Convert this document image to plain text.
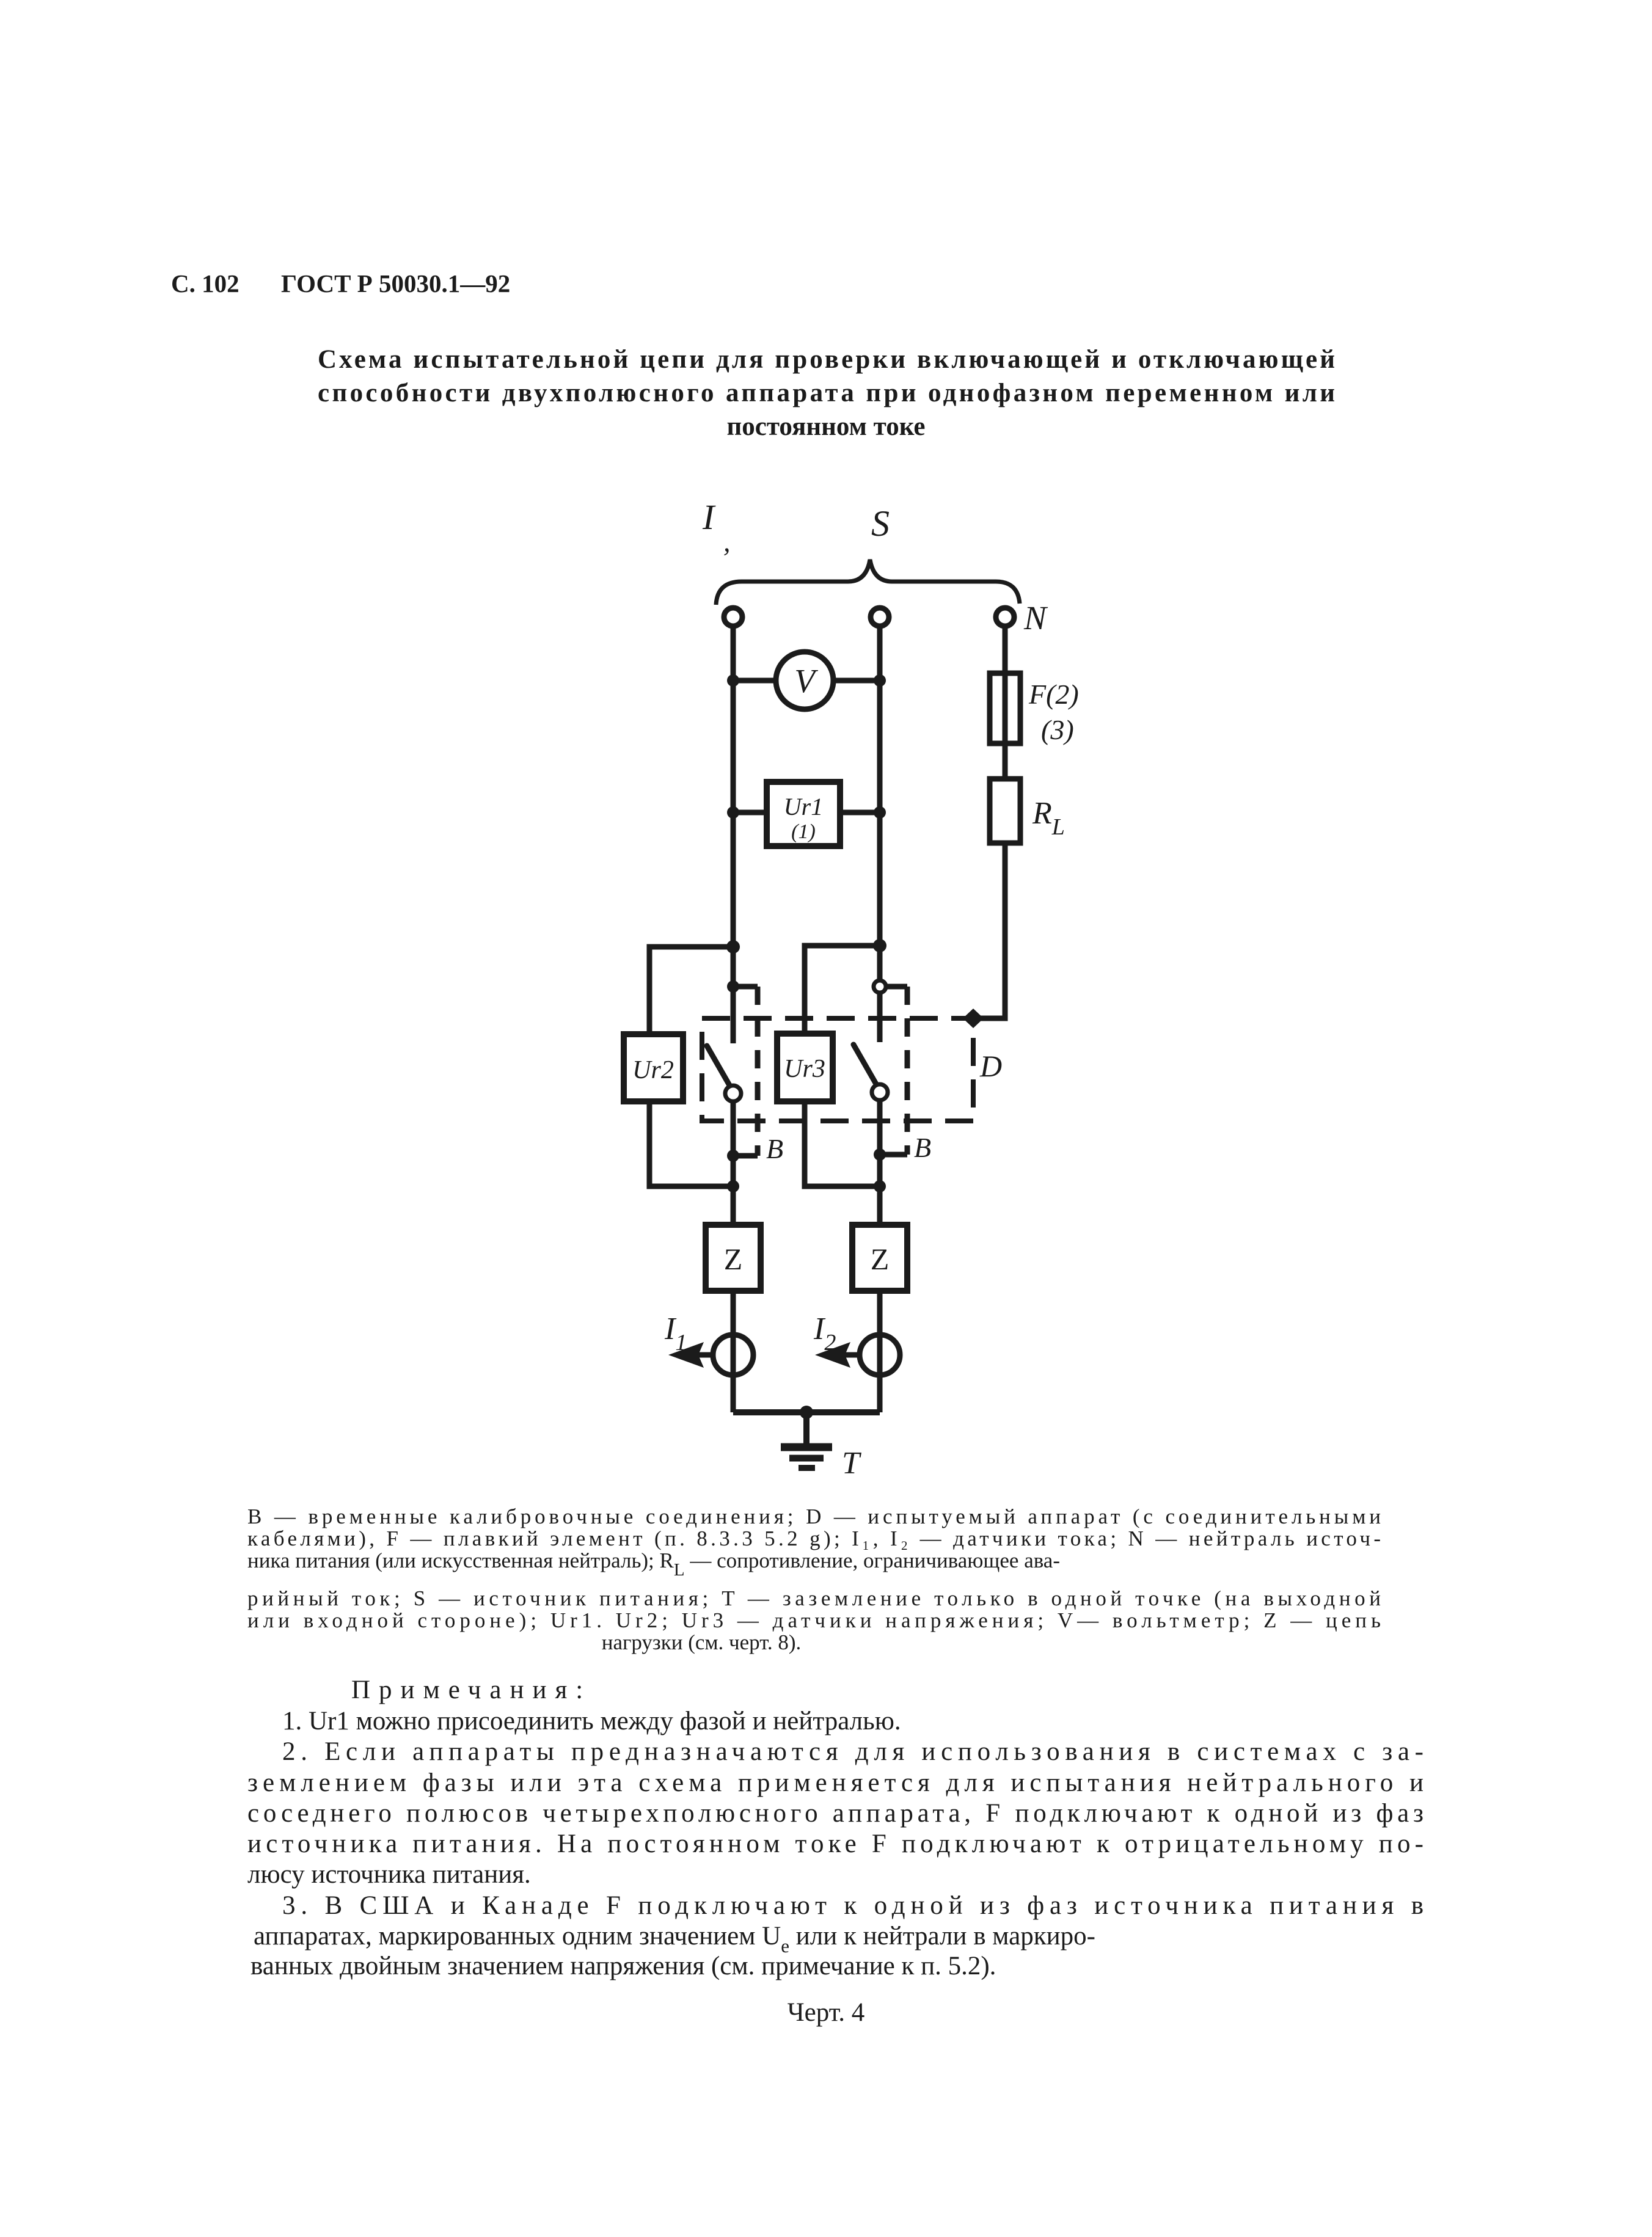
С. 102 ГОСТ Р 50030.1—92
Схема испытательной цепи для проверки включающей и отключающей
способности двухполюсного аппарата при однофазном переменном или
постоянном токе
I
,	S
N
V	F(2)
(3)
$R_L$
Ur1
(1)
Ur2	Ur3	D
B	B
Z	Z
$I_1$	$I_2$
T
B — временные калибровочные соединения; D — испытуемый аппарат (с соединительными
кабелями), F — плавкий элемент (п. 8.3.3 5.2 g); I₁, I₂ — датчики тока; N — нейтраль источ-
ника питания (или искусственная нейтраль); $R_L$ — сопротивление, ограничивающее ава-
рийный ток; S — источник питания; T — заземление только в одной точке (на выходной
или входной стороне); Ur1. Ur2; Ur3 — датчики напряжения; V— вольтметр; Z — цепь
нагрузки (см. черт. 8).
Примечания:
1. Ur1 можно присоединить между фазой и нейтралью.
2. Если аппараты предназначаются для использования в системах с за-
землением фазы или эта схема применяется для испытания нейтрального и
соседнего полюсов четырехполюсного аппарата, F подключают к одной из фаз
источника питания. На постоянном токе F подключают к отрицательному по-
люсу источника питания.
3. В США и Канаде F подключают к одной из фаз источника питания в
аппаратах, маркированных одним значением $U_e$ или к нейтрали в маркиро-
ванных двойным значением напряжения (см. примечание к п. 5.2).
Черт. 4
